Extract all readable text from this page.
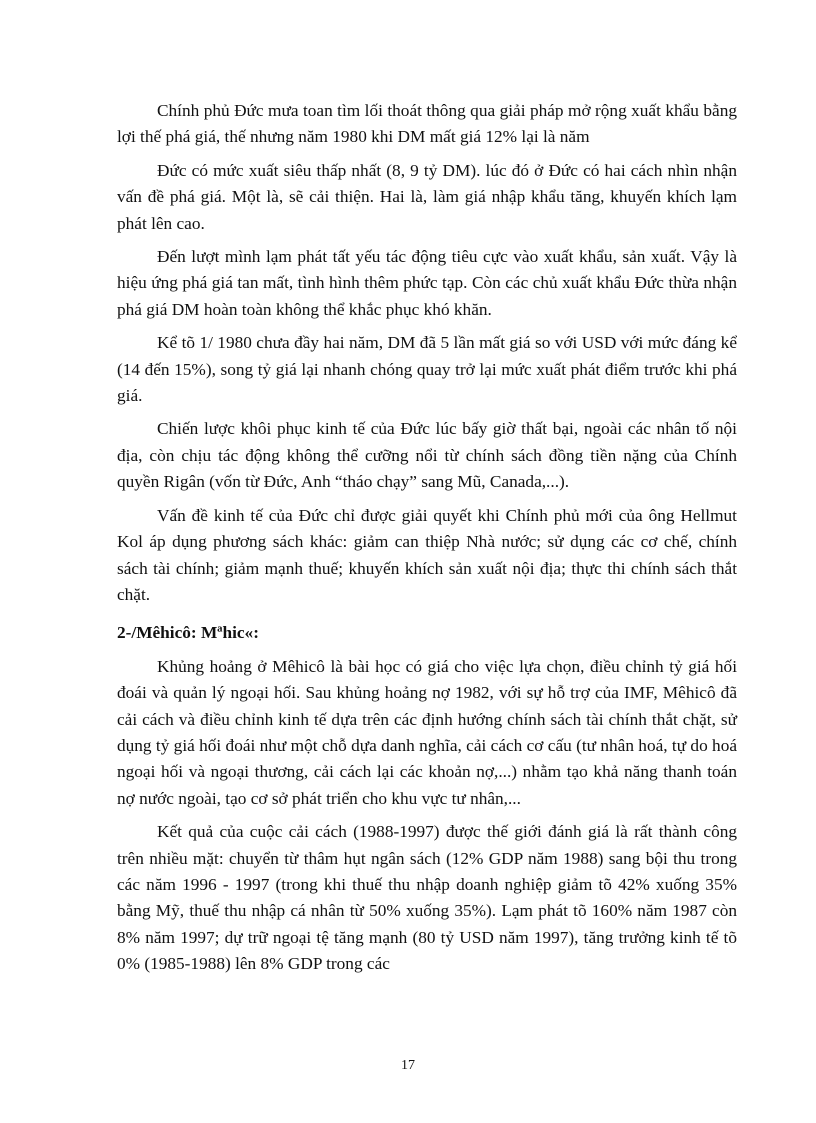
Chính phủ Đức mưa toan tìm lối thoát thông qua giải pháp mở rộng xuất khẩu bằng lợi thế phá giá, thế nhưng năm 1980 khi DM mất giá 12% lại là năm

Đức có mức xuất siêu thấp nhất (8, 9 tỷ DM). lúc đó ở Đức có hai cách nhìn nhận vấn đề phá giá. Một là, sẽ cải thiện. Hai là, làm giá nhập khẩu tăng, khuyến khích lạm phát lên cao.

Đến lượt mình lạm phát tất yếu tác động tiêu cực vào xuất khẩu, sản xuất. Vậy là hiệu ứng phá giá tan mất, tình hình thêm phức tạp. Còn các chủ xuất khẩu Đức thừa nhận phá giá DM hoàn toàn không thể khắc phục khó khăn.

Kể tõ 1/ 1980 chưa đầy hai năm, DM đã 5 lần mất giá so với USD với mức đáng kể (14 đến 15%), song tỷ giá lại nhanh chóng quay trở lại mức xuất phát điểm trước khi phá giá.

Chiến lược khôi phục kinh tế của Đức lúc bấy giờ thất bại, ngoài các nhân tố nội địa, còn chịu tác động không thể cưỡng nổi từ chính sách đồng tiền nặng của Chính quyền Rigân (vốn từ Đức, Anh “tháo chạy” sang Mũ, Canada,...).

Vấn đề kinh tế của Đức chỉ được giải quyết khi Chính phủ mới của ông Hellmut Kol áp dụng phương sách khác: giảm can thiệp Nhà nước; sử dụng các cơ chế, chính sách tài chính; giảm mạnh thuế; khuyến khích sản xuất nội địa; thực thi chính sách thắt chặt.

2-/Mêhicô: Mªhic«:

Khủng hoảng ở Mêhicô là bài học có giá cho việc lựa chọn, điều chỉnh tỷ giá hối đoái và quản lý ngoại hối. Sau khủng hoảng nợ 1982, với sự hỗ trợ của IMF, Mêhicô đã cải cách và điều chỉnh kinh tế dựa trên các định hướng chính sách tài chính thắt chặt, sử dụng tỷ giá hối đoái như một chỗ dựa danh nghĩa, cải cách cơ cấu (tư nhân hoá, tự do hoá ngoại hối và ngoại thương, cải cách lại các khoản nợ,...) nhằm tạo khả năng thanh toán nợ nước ngoài, tạo cơ sở phát triển cho khu vực tư nhân,...

Kết quả của cuộc cải cách (1988-1997) được thế giới đánh giá là rất thành công trên nhiều mặt: chuyển từ thâm hụt ngân sách (12% GDP năm 1988) sang bội thu trong các năm 1996 - 1997 (trong khi thuế thu nhập doanh nghiệp giảm tõ 42% xuống 35% bằng Mỹ, thuế thu nhập cá nhân từ 50% xuống 35%). Lạm phát tõ 160% năm 1987 còn 8% năm 1997; dự trữ ngoại tệ tăng mạnh (80 tỷ USD năm 1997), tăng trưởng kinh tế tõ 0% (1985-1988) lên 8% GDP trong các

17
